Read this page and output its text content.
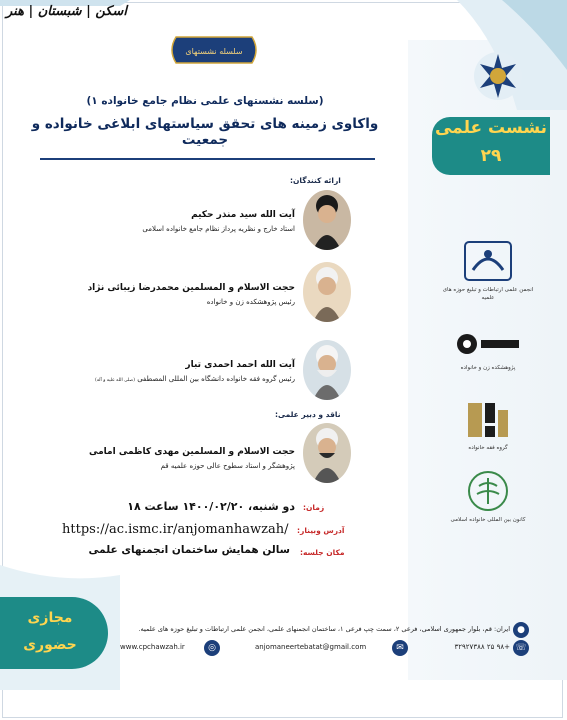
اسکن | شبستان | هنر
سلسله نشستهای
(سلسه نشستهای علمی نظام جامع خانواده ۱)
واکاوی زمینه های تحقق سیاستهای ابلاغی خانواده و جمعیت
نشست علمی
۲۹
ارائه کنندگان:
آیت الله سید منذر حکیم
استاد خارج و نظریه پرداز نظام جامع خانواده اسلامی
حجت الاسلام و المسلمین محمدرضا زیبائی نژاد
رئیس پژوهشکده زن و خانواده
آیت الله احمد احمدی تبار
رئیس گروه فقه خانواده دانشگاه بین المللی المصطفی (صلی الله علیه و آله)
ناقد و دبیر علمی:
حجت الاسلام و المسلمین مهدی کاظمی امامی
پژوهشگر و استاد سطوح عالی حوزه علمیه قم
زمان:
دو شنبه، ۱۴۰۰/۰۲/۲۰ ساعت ۱۸
آدرس وبینار:
https://ac.ismc.ir/anjomanhawzah/
مکان جلسه:
سالن همایش ساختمان انجمنهای علمی
انجمن علمی ارتباطات و تبلیغ حوزه های علمیه
پژوهشکده زن و خانواده
گروه فقه خانواده
کانون بین المللی خانواده اسلامی
مجازی
حضوری
●
ایران: قم، بلوار جمهوری اسلامی، فرعی ۲، سمت چپ فرعی ۱، ساختمان انجمنهای علمی، انجمن علمی ارتباطات و تبلیغ حوزه های علمیه.
☏
+۹۸ ۲۵ ۳۲۹۲۷۳۸۸
✉
anjomaneertebatat@gmail.com
◎
www.cpchawzah.ir
